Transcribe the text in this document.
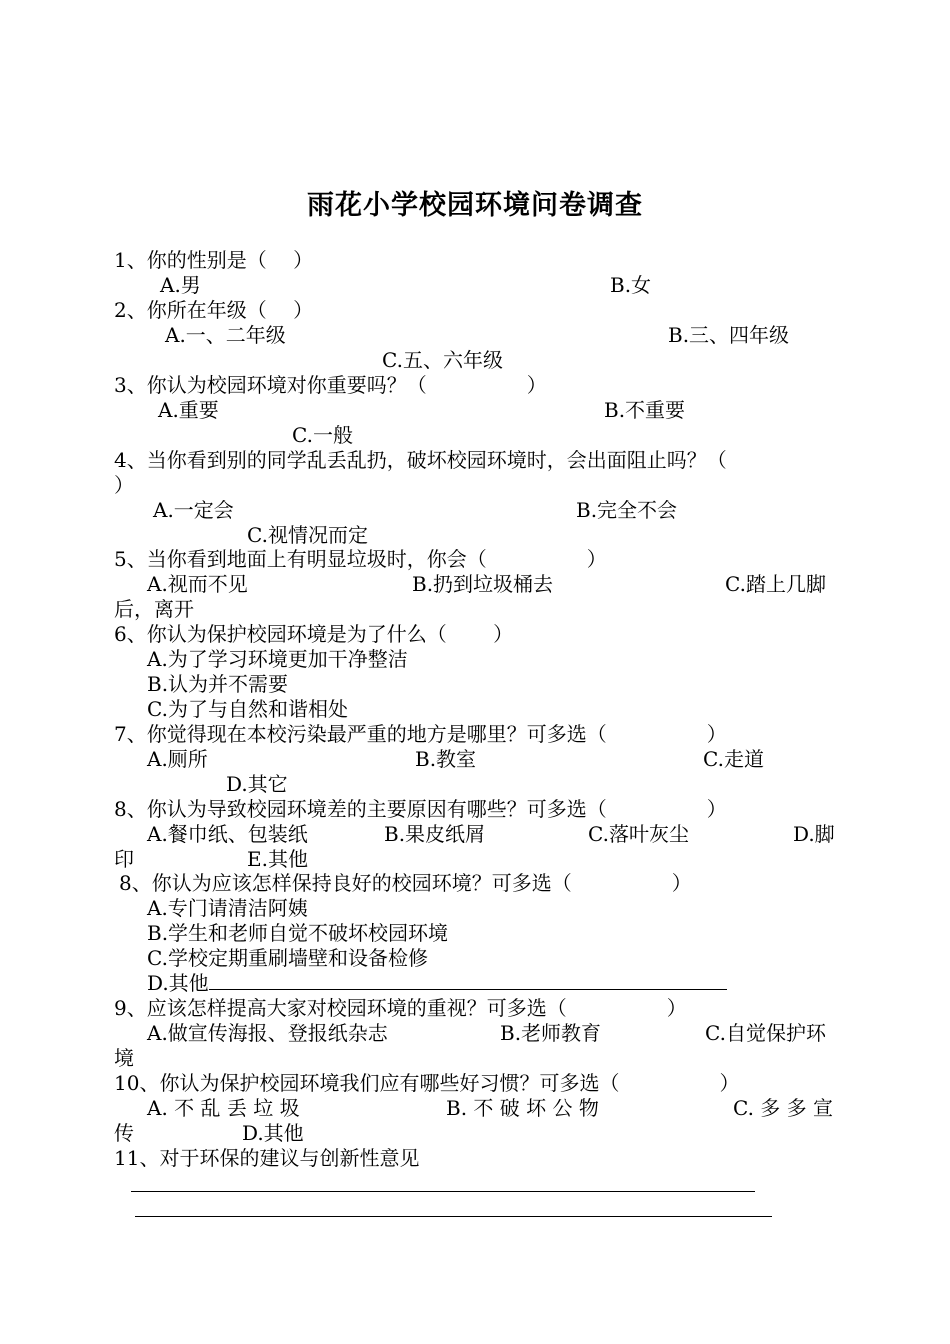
雨花小学校园环境问卷调查
1、你的性别是（　 ）
A.男	B.女
2、你所在年级（　 ）
A.一、二年级	B.三、四年级
C.五、六年级
3、你认为校园环境对你重要吗？（　　　　　）
A.重要	B.不重要
C.一般
4、当你看到别的同学乱丢乱扔，破坏校园环境时，会出面阻止吗？（
）
A.一定会	B.完全不会
C.视情况而定
5、当你看到地面上有明显垃圾时，你会（　　　　　）
A.视而不见	B.扔到垃圾桶去	C.踏上几脚
后，离开
6、你认为保护校园环境是为了什么（　　 ）
A.为了学习环境更加干净整洁
B.认为并不需要
C.为了与自然和谐相处
7、你觉得现在本校污染最严重的地方是哪里？可多选（　　　　　）
A.厕所	B.教室	C.走道
D.其它
8、你认为导致校园环境差的主要原因有哪些？可多选（　　　　　）
A.餐巾纸、包装纸	B.果皮纸屑	C.落叶灰尘	D.脚
印	E.其他
8、你认为应该怎样保持良好的校园环境？可多选（　　　　　）
A.专门请清洁阿姨
B.学生和老师自觉不破坏校园环境
C.学校定期重刷墙壁和设备检修
D.其他
9、应该怎样提高大家对校园环境的重视？可多选（　　　　　）
A.做宣传海报、登报纸杂志	B.老师教育	C.自觉保护环
境
10、你认为保护校园环境我们应有哪些好习惯？可多选（　　　　　）
A. 不 乱 丢 垃 圾	B. 不 破 坏 公 物	C. 多 多 宣
传	D.其他
11、对于环保的建议与创新性意见
